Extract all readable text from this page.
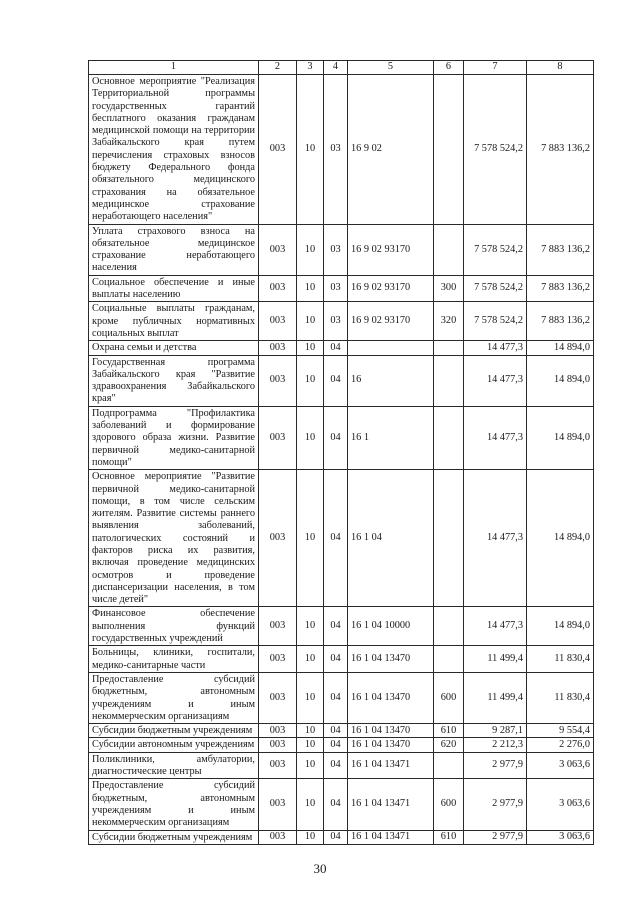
1	2	3	4	5	6	7	8
Основное мероприятие "Реализация Территориальной программы государственных гарантий бесплатного оказания гражданам медицинской помощи на территории Забайкальского края путем перечисления страховых взносов бюджету Федерального фонда обязательного медицинского страхования на обязательное медицинское страхование неработающего населения"	003	10	03	16 9 02		7 578 524,2	7 883 136,2
Уплата страхового взноса на обязательное медицинское страхование неработающего населения	003	10	03	16 9 02 93170		7 578 524,2	7 883 136,2
Социальное обеспечение и иные выплаты населению	003	10	03	16 9 02 93170	300	7 578 524,2	7 883 136,2
Социальные выплаты гражданам, кроме публичных нормативных социальных выплат	003	10	03	16 9 02 93170	320	7 578 524,2	7 883 136,2
Охрана семьи и детства	003	10	04			14 477,3	14 894,0
Государственная программа Забайкальского края "Развитие здравоохранения Забайкальского края"	003	10	04	16		14 477,3	14 894,0
Подпрограмма "Профилактика заболеваний и формирование здорового образа жизни. Развитие первичной медико-санитарной помощи"	003	10	04	16 1		14 477,3	14 894,0
Основное мероприятие "Развитие первичной медико-санитарной помощи, в том числе сельским жителям. Развитие системы раннего выявления заболеваний, патологических состояний и факторов риска их развития, включая проведение медицинских осмотров и проведение диспансеризации населения, в том числе детей"	003	10	04	16 1 04		14 477,3	14 894,0
Финансовое обеспечение выполнения функций государственных учреждений	003	10	04	16 1 04 10000		14 477,3	14 894,0
Больницы, клиники, госпитали, медико-санитарные части	003	10	04	16 1 04 13470		11 499,4	11 830,4
Предоставление субсидий бюджетным, автономным учреждениям и иным некоммерческим организациям	003	10	04	16 1 04 13470	600	11 499,4	11 830,4
Субсидии бюджетным учреждениям	003	10	04	16 1 04 13470	610	9 287,1	9 554,4
Субсидии автономным учреждениям	003	10	04	16 1 04 13470	620	2 212,3	2 276,0
Поликлиники, амбулатории, диагностические центры	003	10	04	16 1 04 13471		2 977,9	3 063,6
Предоставление субсидий бюджетным, автономным учреждениям и иным некоммерческим организациям	003	10	04	16 1 04 13471	600	2 977,9	3 063,6
Субсидии бюджетным учреждениям	003	10	04	16 1 04 13471	610	2 977,9	3 063,6
30
